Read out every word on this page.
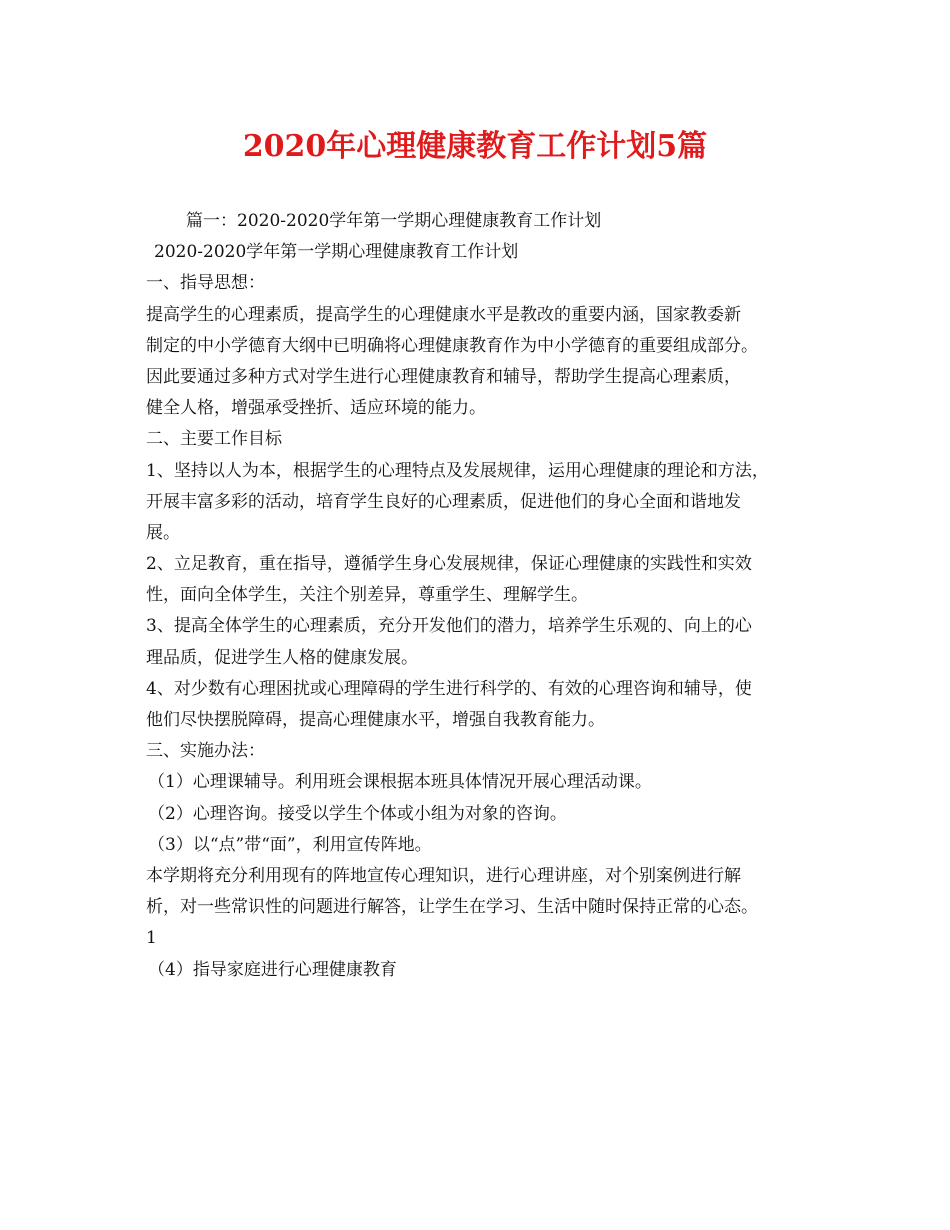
2020年心理健康教育工作计划5篇
篇一：2020-2020学年第一学期心理健康教育工作计划
2020-2020学年第一学期心理健康教育工作计划
一、指导思想：
提高学生的心理素质，提高学生的心理健康水平是教改的重要内涵，国家教委新
制定的中小学德育大纲中已明确将心理健康教育作为中小学德育的重要组成部分。
因此要通过多种方式对学生进行心理健康教育和辅导，帮助学生提高心理素质，
健全人格，增强承受挫折、适应环境的能力。
二、主要工作目标
1、坚持以人为本，根据学生的心理特点及发展规律，运用心理健康的理论和方法，
开展丰富多彩的活动，培育学生良好的心理素质，促进他们的身心全面和谐地发
展。
2、立足教育，重在指导，遵循学生身心发展规律，保证心理健康的实践性和实效
性，面向全体学生，关注个别差异，尊重学生、理解学生。
3、提高全体学生的心理素质，充分开发他们的潜力，培养学生乐观的、向上的心
理品质，促进学生人格的健康发展。
4、对少数有心理困扰或心理障碍的学生进行科学的、有效的心理咨询和辅导，使
他们尽快摆脱障碍，提高心理健康水平，增强自我教育能力。
三、实施办法：
（1）心理课辅导。利用班会课根据本班具体情况开展心理活动课。
（2）心理咨询。接受以学生个体或小组为对象的咨询。
（3）以“点”带“面”，利用宣传阵地。
本学期将充分利用现有的阵地宣传心理知识，进行心理讲座，对个别案例进行解
析，对一些常识性的问题进行解答，让学生在学习、生活中随时保持正常的心态。
1
（4）指导家庭进行心理健康教育
